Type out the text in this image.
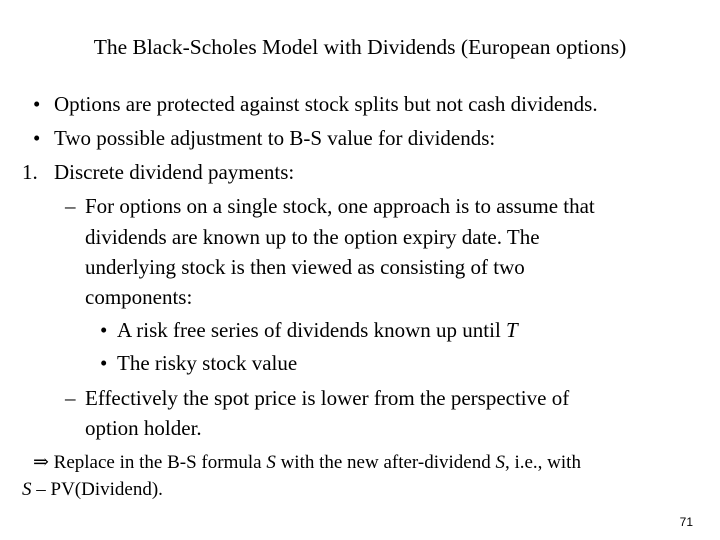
The Black-Scholes Model with Dividends (European options)
• Options are protected against stock splits but not cash dividends.
• Two possible adjustment to B-S value for dividends:
1. Discrete dividend payments:
– For options on a single stock, one approach is to assume that
dividends are known up to the option expiry date. The
underlying stock is then viewed as consisting of two
components:
• A risk free series of dividends known up until T
• The risky stock value
– Effectively the spot price is lower from the perspective of
option holder.
⇒ Replace in the B-S formula S with the new after-dividend S, i.e., with
S – PV(Dividend).
71
